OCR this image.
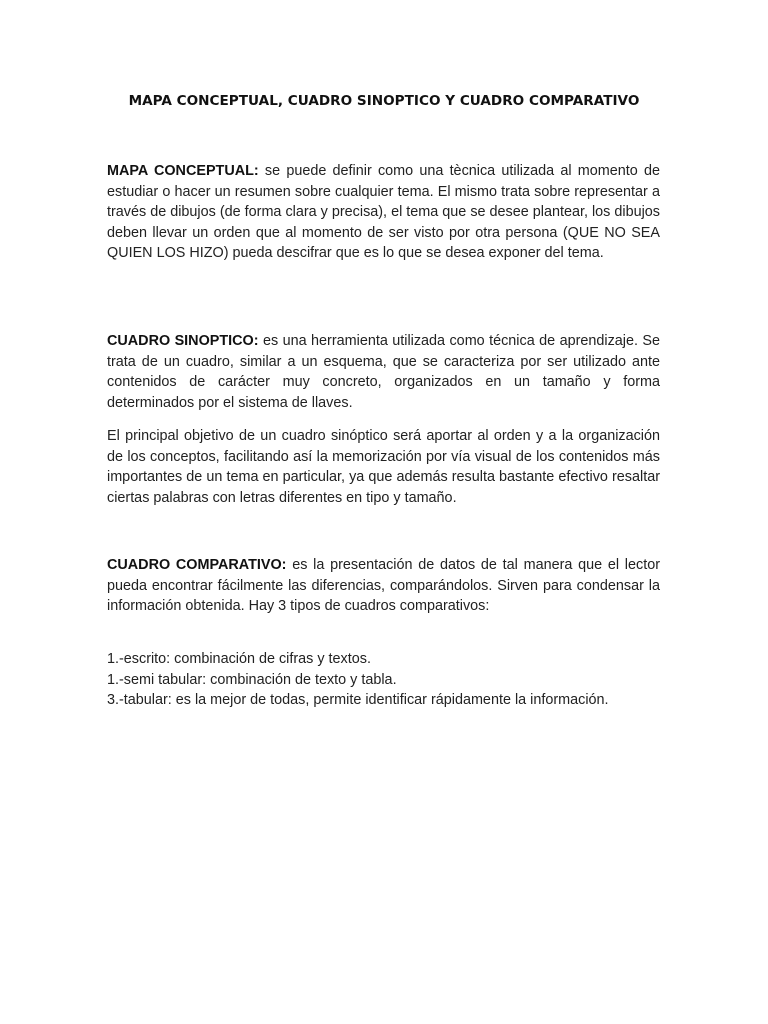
MAPA CONCEPTUAL, CUADRO SINOPTICO Y CUADRO COMPARATIVO

MAPA CONCEPTUAL: se puede definir como una tècnica utilizada al momento de estudiar o hacer un resumen sobre cualquier tema. El mismo trata sobre representar a través de dibujos (de forma clara y precisa), el tema que se desee plantear, los dibujos deben llevar un orden que al momento de ser visto por otra persona (QUE NO SEA QUIEN LOS HIZO) pueda descifrar que es lo que se desea exponer del tema.

CUADRO SINOPTICO: es una herramienta utilizada como técnica de aprendizaje. Se trata de un cuadro, similar a un esquema, que se caracteriza por ser utilizado ante contenidos de carácter muy concreto, organizados en un tamaño y forma determinados por el sistema de llaves.

El principal objetivo de un cuadro sinóptico será aportar al orden y a la organización de los conceptos, facilitando así la memorización por vía visual de los contenidos más importantes de un tema en particular, ya que además resulta bastante efectivo resaltar ciertas palabras con letras diferentes en tipo y tamaño.

CUADRO COMPARATIVO: es la presentación de datos de tal manera que el lector pueda encontrar fácilmente las diferencias, comparándolos. Sirven para condensar la información obtenida. Hay 3 tipos de cuadros comparativos:

1.-escrito: combinación de cifras y textos.
1.-semi tabular: combinación de texto y tabla.
3.-tabular: es la mejor de todas, permite identificar rápidamente la información.
